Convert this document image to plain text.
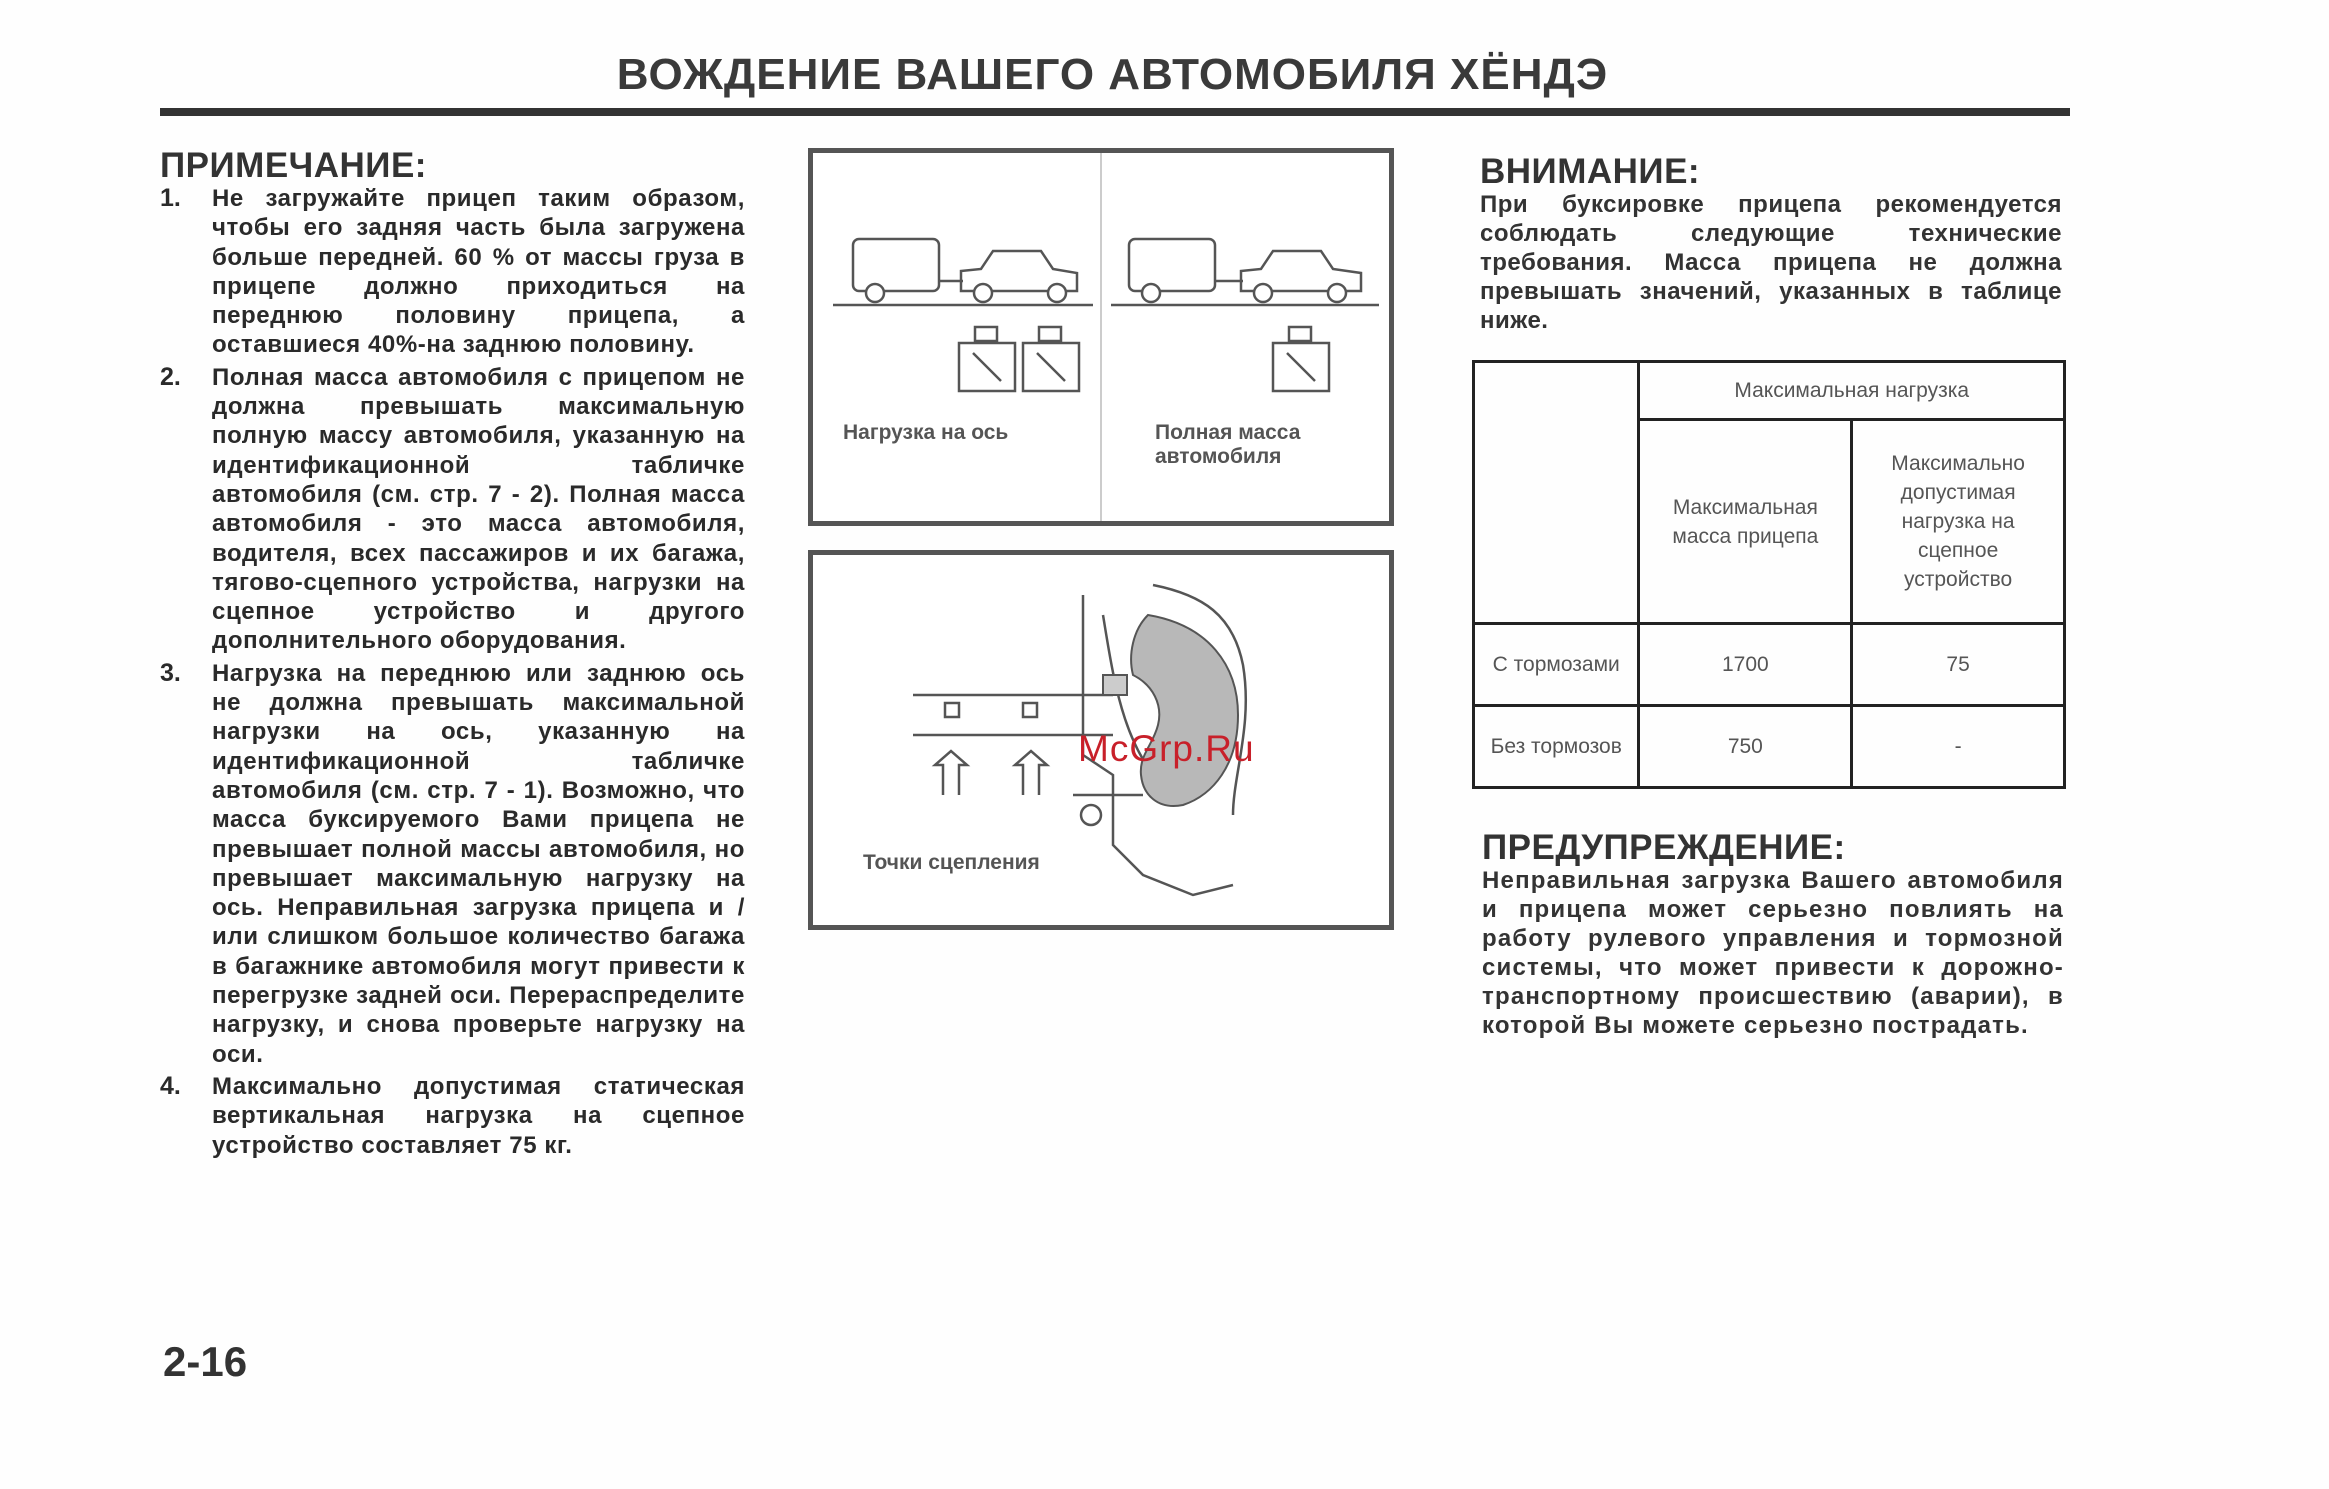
ВОЖДЕНИЕ ВАШЕГО АВТОМОБИЛЯ ХЁНДЭ
ПРИМЕЧАНИЕ:
1.	Не загружайте прицеп таким образом, чтобы его задняя часть была загружена больше передней. 60 % от массы груза в прицепе должно приходиться на переднюю половину прицепа, а оставшиеся 40%-на заднюю половину.
2.	Полная масса автомобиля с прицепом не должна превышать максимальную полную массу автомобиля, указанную на идентификационной табличке автомобиля (см. стр. 7 - 2). Полная масса автомобиля - это масса автомобиля, водителя, всех пассажиров и их багажа, тягово-сцепного устройства, нагрузки на сцепное устройство и другого дополнительного оборудования.
3.	Нагрузка на переднюю или заднюю ось не должна превышать максимальной нагрузки на ось, указанную на идентификационной табличке автомобиля (см. стр. 7 - 1). Возможно, что масса буксируемого Вами прицепа не превышает полной массы автомобиля, но превышает максимальную нагрузку на ось. Неправильная загрузка прицепа и / или слишком большое количество багажа в багажнике автомобиля могут привести к перегрузке задней оси. Перераспределите нагрузку, и снова проверьте нагрузку на оси.
4.	Максимально допустимая статическая вертикальная нагрузка на сцепное устройство составляет 75 кг.
Нагрузка на ось	Полная масса автомобиля
Точки сцепления
ВНИМАНИЕ:
При буксировке прицепа рекомендуется соблюдать следующие технические требования. Масса прицепа не должна превышать значений, указанных в таблице ниже.
	Максимальная нагрузка	
	Максимальная масса прицепа	Максимально допустимая нагрузка на сцепное устройство
С тормозами	1700	75
Без тормозов	750	-
ПРЕДУПРЕЖДЕНИЕ:
Неправильная загрузка Вашего автомобиля и прицепа может серьезно повлиять на работу рулевого управления и тормозной системы, что может привести к дорожно-транспортному происшествию (аварии), в которой Вы можете серьезно пострадать.
2-16
McGrp.Ru
